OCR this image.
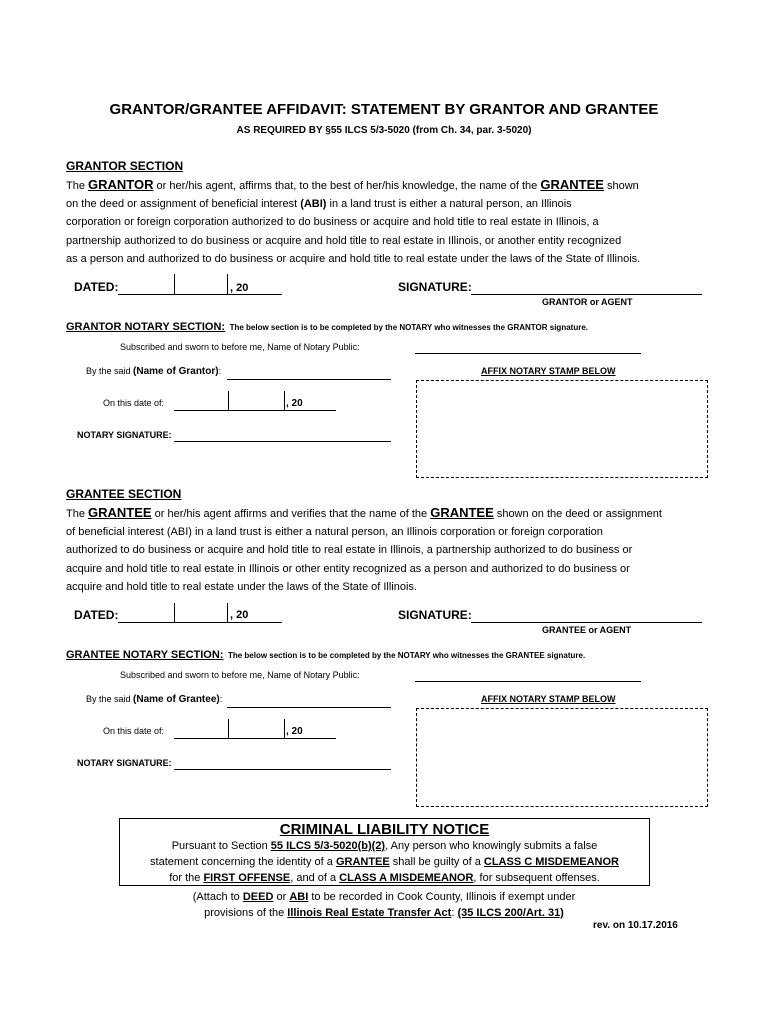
GRANTOR/GRANTEE AFFIDAVIT: STATEMENT BY GRANTOR AND GRANTEE
AS REQUIRED BY §55 ILCS 5/3-5020 (from Ch. 34, par. 3-5020)
GRANTOR SECTION
The GRANTOR or her/his agent, affirms that, to the best of her/his knowledge, the name of the GRANTEE shown
on the deed or assignment of beneficial interest (ABI) in a land trust is either a natural person, an Illinois
corporation or foreign corporation authorized to do business or acquire and hold title to real estate in Illinois, a
partnership authorized to do business or acquire and hold title to real estate in Illinois, or another entity recognized
as a person and authorized to do business or acquire and hold title to real estate under the laws of the State of Illinois.
DATED:	, 20	SIGNATURE:
GRANTOR or AGENT
GRANTOR NOTARY SECTION: The below section is to be completed by the NOTARY who witnesses the GRANTOR signature.
Subscribed and sworn to before me, Name of Notary Public:
By the said (Name of Grantor):	AFFIX NOTARY STAMP BELOW
On this date of:	, 20
NOTARY SIGNATURE:
GRANTEE SECTION
The GRANTEE or her/his agent affirms and verifies that the name of the GRANTEE shown on the deed or assignment
of beneficial interest (ABI) in a land trust is either a natural person, an Illinois corporation or foreign corporation
authorized to do business or acquire and hold title to real estate in Illinois, a partnership authorized to do business or
acquire and hold title to real estate in Illinois or other entity recognized as a person and authorized to do business or
acquire and hold title to real estate under the laws of the State of Illinois.
DATED:	, 20	SIGNATURE:
GRANTEE or AGENT
GRANTEE NOTARY SECTION: The below section is to be completed by the NOTARY who witnesses the GRANTEE signature.
Subscribed and sworn to before me, Name of Notary Public:
By the said (Name of Grantee):	AFFIX NOTARY STAMP BELOW
On this date of:	, 20
NOTARY SIGNATURE:
CRIMINAL LIABILITY NOTICE
Pursuant to Section 55 ILCS 5/3-5020(b)(2), Any person who knowingly submits a false
statement concerning the identity of a GRANTEE shall be guilty of a CLASS C MISDEMEANOR
for the FIRST OFFENSE, and of a CLASS A MISDEMEANOR, for subsequent offenses.
(Attach to DEED or ABI to be recorded in Cook County, Illinois if exempt under
provisions of the Illinois Real Estate Transfer Act: (35 ILCS 200/Art. 31)
rev. on 10.17.2016
